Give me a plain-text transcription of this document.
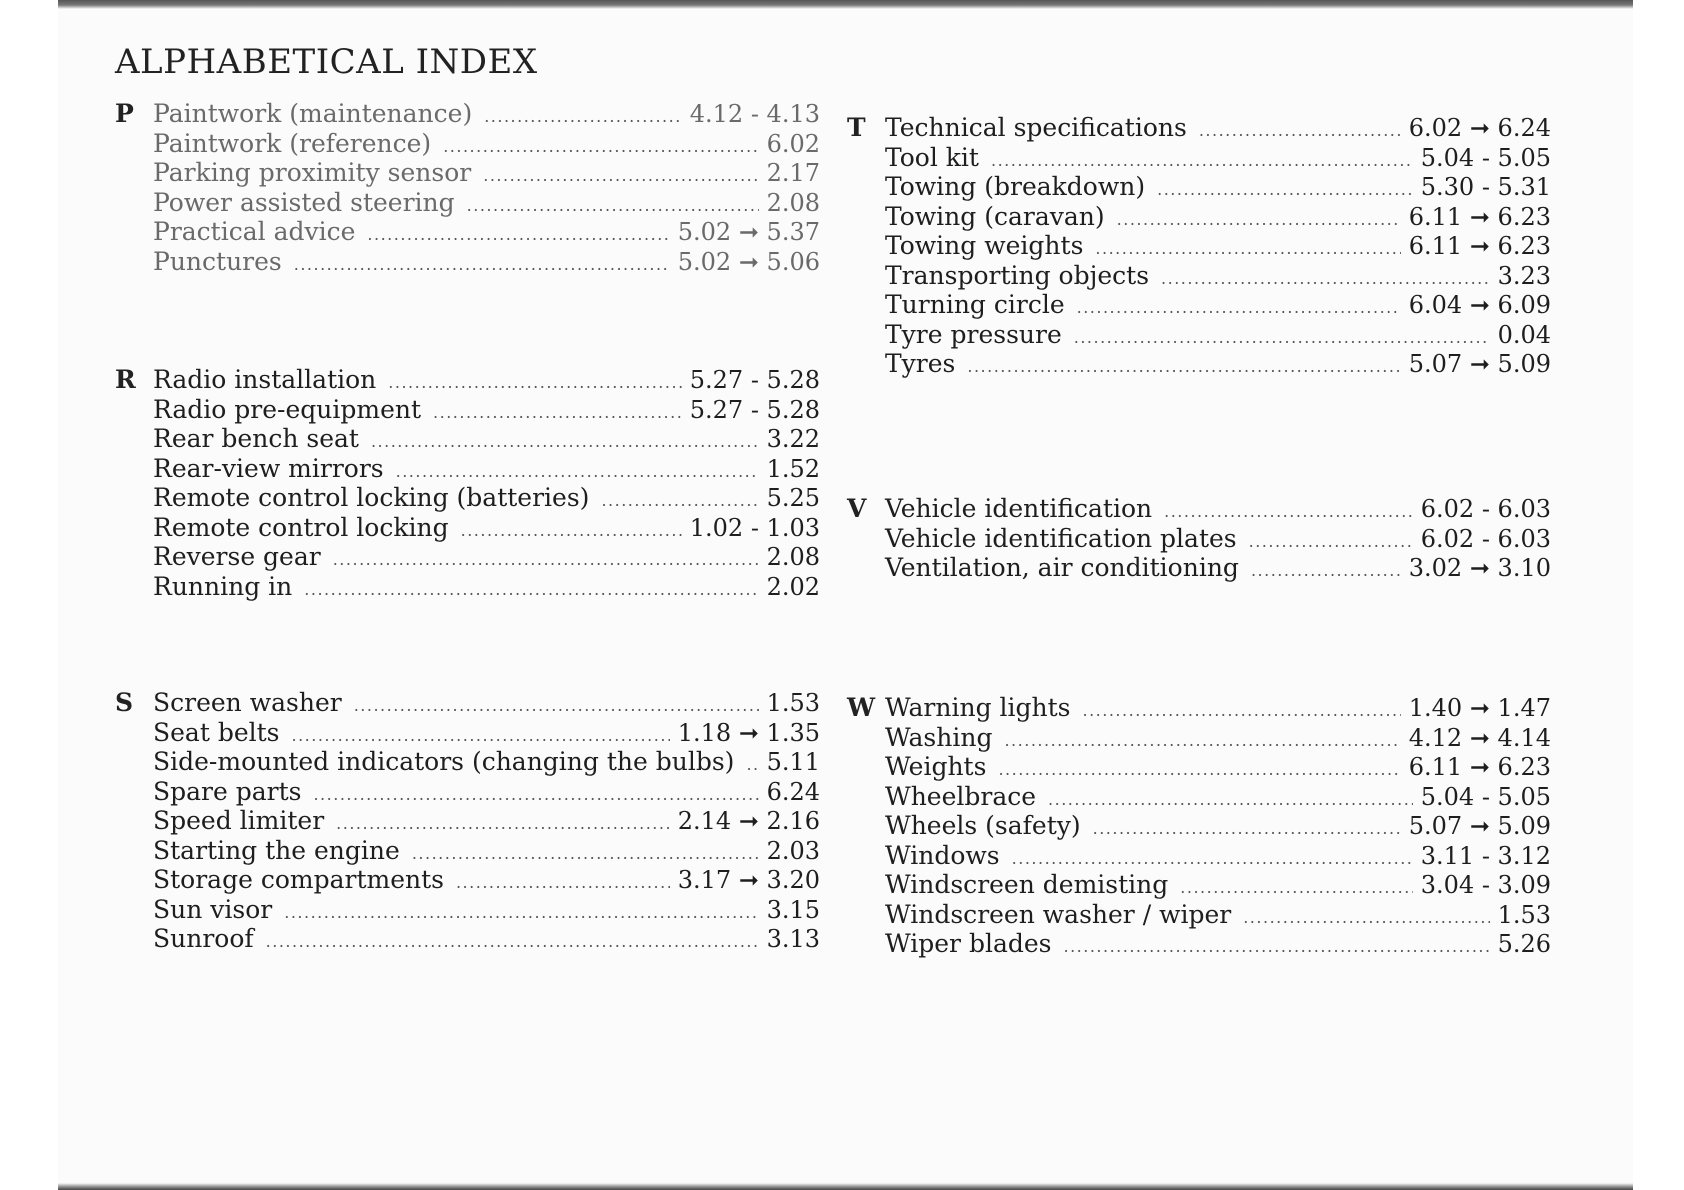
ALPHABETICAL INDEX
P Paintwork (maintenance) .....	4.12 - 4.13
Paintwork (reference) .....	6.02
Parking proximity sensor .....	2.17
Power assisted steering .....	2.08
Practical advice .....	5.02 ➞ 5.37
Punctures .....	5.02 ➞ 5.06
R Radio installation .....	5.27 - 5.28
Radio pre-equipment .....	5.27 - 5.28
Rear bench seat .....	3.22
Rear-view mirrors .....	1.52
Remote control locking (batteries) .....	5.25
Remote control locking .....	1.02 - 1.03
Reverse gear .....	2.08
Running in .....	2.02
S Screen washer .....	1.53
Seat belts .....	1.18 ➞ 1.35
Side-mounted indicators (changing the bulbs) ..... 5.11
Spare parts .....	6.24
Speed limiter .....	2.14 ➞ 2.16
Starting the engine .....	2.03
Storage compartments .....	3.17 ➞ 3.20
Sun visor .....	3.15
Sunroof .....	3.13
T Technical specifications .....	6.02 ➞ 6.24
Tool kit .....	5.04 - 5.05
Towing (breakdown) .....	5.30 - 5.31
Towing (caravan) .....	6.11 ➞ 6.23
Towing weights .....	6.11 ➞ 6.23
Transporting objects .....	3.23
Turning circle .....	6.04 ➞ 6.09
Tyre pressure .....	0.04
Tyres .....	5.07 ➞ 5.09
V Vehicle identification .....	6.02 - 6.03
Vehicle identification plates .....	6.02 - 6.03
Ventilation, air conditioning .....	3.02 ➞ 3.10
W Warning lights .....	1.40 ➞ 1.47
Washing .....	4.12 ➞ 4.14
Weights .....	6.11 ➞ 6.23
Wheelbrace .....	5.04 - 5.05
Wheels (safety) .....	5.07 ➞ 5.09
Windows .....	3.11 - 3.12
Windscreen demisting .....	3.04 - 3.09
Windscreen washer / wiper .....	1.53
Wiper blades .....	5.26
